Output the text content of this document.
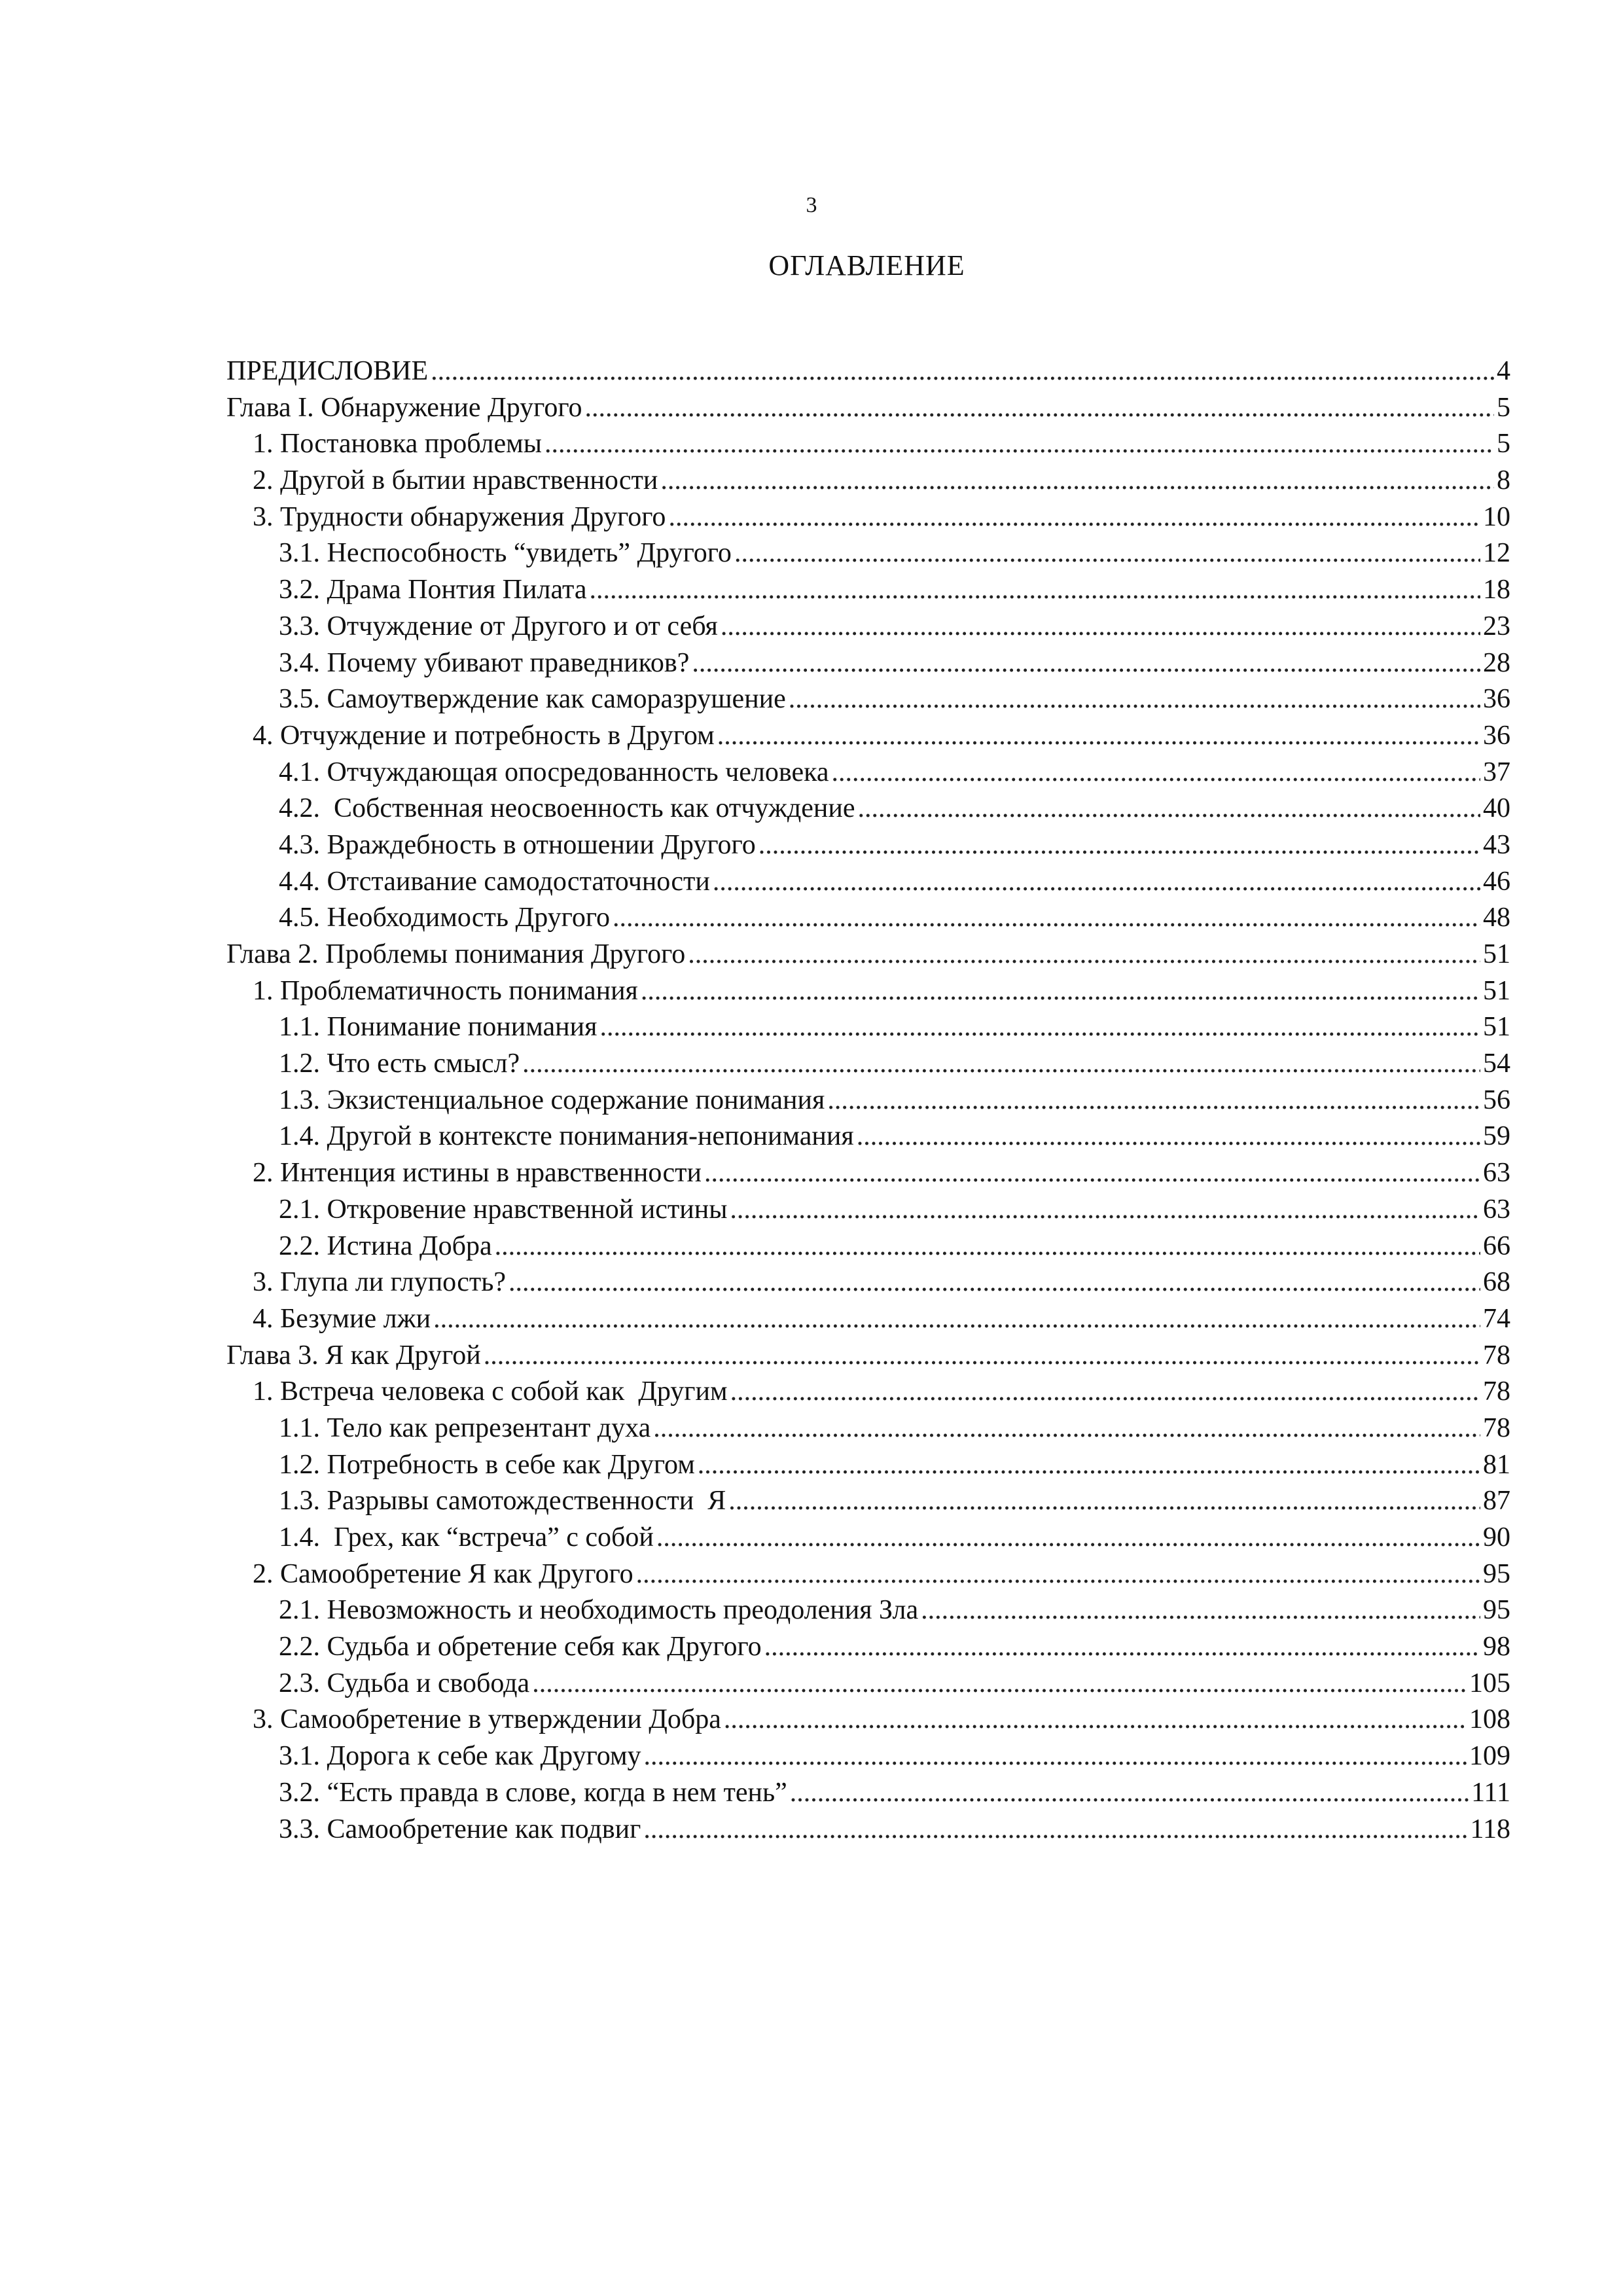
3
ОГЛАВЛЕНИЕ
ПРЕДИСЛОВИЕ .....	4
Глава I. Обнаружение Другого .....	5
1. Постановка проблемы .....	5
2. Другой в бытии нравственности .....	8
3. Трудности обнаружения Другого .....	10
3.1. Неспособность “увидеть” Другого .....	12
3.2. Драма Понтия Пилата .....	18
3.3. Отчуждение от Другого и от себя .....	23
3.4. Почему убивают праведников? .....	28
3.5. Самоутверждение как саморазрушение .....	36
4. Отчуждение и потребность в Другом .....	36
4.1. Отчуждающая опосредованность человека .....	37
4.2.  Собственная неосвоенность как отчуждение .....	40
4.3. Враждебность в отношении Другого .....	43
4.4. Отстаивание самодостаточности .....	46
4.5. Необходимость Другого .....	48
Глава 2. Проблемы понимания Другого .....	51
1. Проблематичность понимания .....	51
1.1. Понимание понимания .....	51
1.2. Что есть смысл? .....	54
1.3. Экзистенциальное содержание понимания .....	56
1.4. Другой в контексте понимания-непонимания .....	59
2. Интенция истины в нравственности .....	63
2.1. Откровение нравственной истины .....	63
2.2. Истина Добра .....	66
3. Глупа ли глупость? .....	68
4. Безумие лжи .....	74
Глава 3. Я как Другой .....	78
1. Встреча человека с собой как  Другим .....	78
1.1. Тело как репрезентант духа .....	78
1.2. Потребность в себе как Другом .....	81
1.3. Разрывы самотождественности  Я .....	87
1.4.  Грех, как “встреча” с собой .....	90
2. Самообретение Я как Другого .....	95
2.1. Невозможность и необходимость преодоления Зла .....	95
2.2. Судьба и обретение себя как Другого .....	98
2.3. Судьба и свобода .....	105
3. Самообретение в утверждении Добра .....	108
3.1. Дорога к себе как Другому .....	109
3.2. “Есть правда в слове, когда в нем тень” .....	111
3.3. Самообретение как подвиг .....	118
